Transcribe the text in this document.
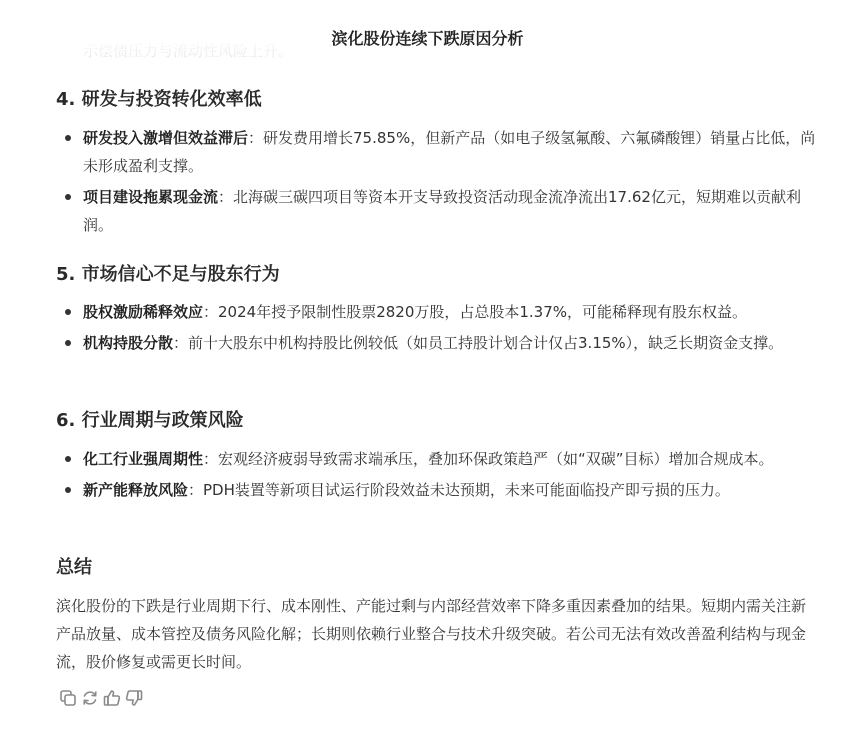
滨化股份连续下跌原因分析
4. 研发与投资转化效率低
研发投入激增但效益滞后：研发费用增长75.85%，但新产品（如电子级氢氟酸、六氟磷酸锂）销量占比低，尚未形成盈利支撑。
项目建设拖累现金流：北海碳三碳四项目等资本开支导致投资活动现金流净流出17.62亿元，短期难以贡献利润。
5. 市场信心不足与股东行为
股权激励稀释效应：2024年授予限制性股票2820万股，占总股本1.37%，可能稀释现有股东权益。
机构持股分散：前十大股东中机构持股比例较低（如员工持股计划合计仅占3.15%），缺乏长期资金支撑。
6. 行业周期与政策风险
化工行业强周期性：宏观经济疲弱导致需求端承压，叠加环保政策趋严（如“双碳”目标）增加合规成本。
新产能释放风险：PDH装置等新项目试运行阶段效益未达预期，未来可能面临投产即亏损的压力。
总结

滨化股份的下跌是行业周期下行、成本刚性、产能过剩与内部经营效率下降多重因素叠加的结果。短期内需关注新产品放量、成本管控及债务风险化解；长期则依赖行业整合与技术升级突破。若公司无法有效改善盈利结构与现金流，股价修复或需更长时间。
